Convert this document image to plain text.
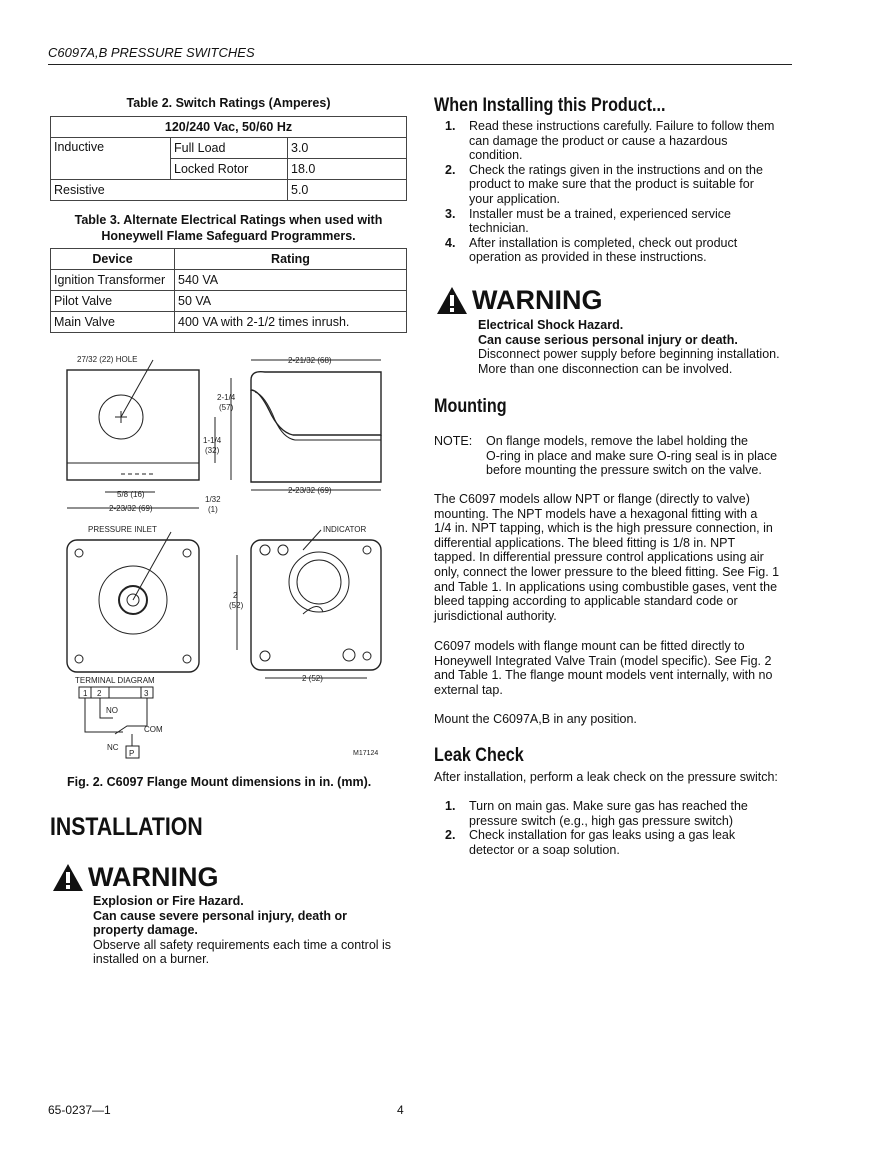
C6097A,B PRESSURE SWITCHES
Table 2. Switch Ratings (Amperes)
120/240 Vac, 50/60 Hz		
Inductive	Full Load	3.0
	Locked Rotor	18.0
Resistive		5.0
Table 3. Alternate Electrical Ratings when used with
Honeywell Flame Safeguard Programmers.
Device	Rating
Ignition Transformer	540 VA
Pilot Valve	50 VA
Main Valve	400 VA with 2-1/2 times inrush.
27/32 (22) HOLE
2-1/4
(57)
1-1/4
(32)
5/8 (16)
2-23/32 (69)
1/32
(1)
2-21/32 (68)
2-23/32 (69)
PRESSURE INLET	INDICATOR
2
(52)
2 (52)
TERMINAL DIAGRAM
1 2	3
NO
COM
NC
P	M17124
Fig. 2. C6097 Flange Mount dimensions in in. (mm).
INSTALLATION
WARNING
Explosion or Fire Hazard.
Can cause severe personal injury, death or
property damage.
Observe all safety requirements each time a control is
installed on a burner.
When Installing this Product...
1. Read these instructions carefully. Failure to follow them
can damage the product or cause a hazardous
condition.
2. Check the ratings given in the instructions and on the
product to make sure that the product is suitable for
your application.
3. Installer must be a trained, experienced service
technician.
4. After installation is completed, check out product
operation as provided in these instructions.
WARNING
Electrical Shock Hazard.
Can cause serious personal injury or death.
Disconnect power supply before beginning installation.
More than one disconnection can be involved.
Mounting
NOTE:	On flange models, remove the label holding the
O-ring in place and make sure O-ring seal is in place
before mounting the pressure switch on the valve.
The C6097 models allow NPT or flange (directly to valve)
mounting. The NPT models have a hexagonal fitting with a
1/4 in. NPT tapping, which is the high pressure connection, in
differential applications. The bleed fitting is 1/8 in. NPT
tapped. In differential pressure control applications using air
only, connect the lower pressure to the bleed fitting. See Fig. 1
and Table 1. In applications using combustible gases, vent the
bleed tapping according to applicable standard code or
jurisdictional authority.
C6097 models with flange mount can be fitted directly to
Honeywell Integrated Valve Train (model specific). See Fig. 2
and Table 1. The flange mount models vent internally, with no
external tap.
Mount the C6097A,B in any position.
Leak Check
After installation, perform a leak check on the pressure switch:
1. Turn on main gas. Make sure gas has reached the
pressure switch (e.g., high gas pressure switch)
2. Check installation for gas leaks using a gas leak
detector or a soap solution.
65-0237—1	4
